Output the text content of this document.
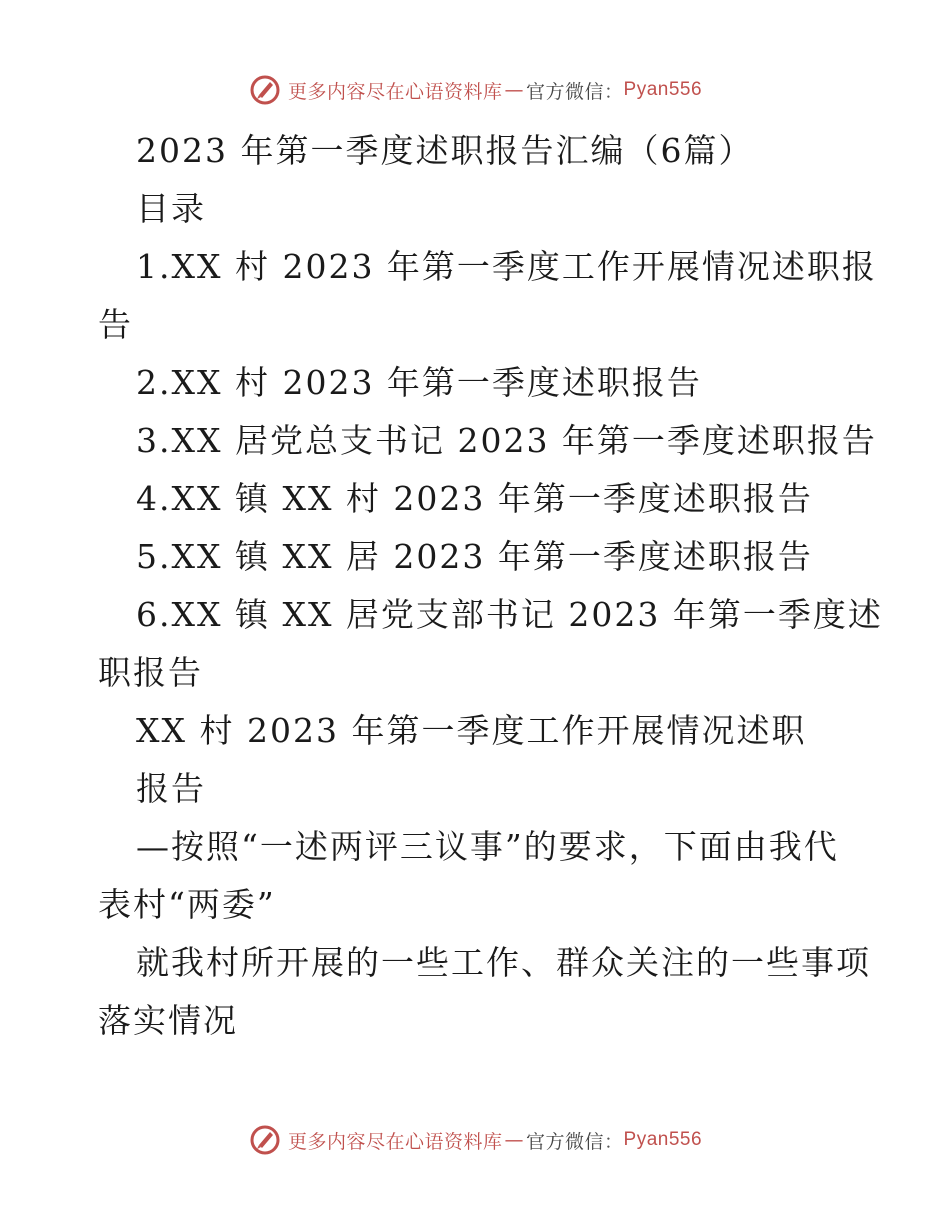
更多内容尽在心语资料库 — 官方微信 ： Pyan556
2023 年第一季度述职报告汇编（6篇）
目录
1.XX 村 2023 年第一季度工作开展情况述职报
告
2.XX 村 2023 年第一季度述职报告
3.XX 居党总支书记 2023 年第一季度述职报告
4.XX 镇 XX 村 2023 年第一季度述职报告
5.XX 镇 XX 居 2023 年第一季度述职报告
6.XX 镇 XX 居党支部书记 2023 年第一季度述
职报告
XX 村 2023 年第一季度工作开展情况述职
报告
—按照“一述两评三议事”的要求，下面由我代
表村“两委”
就我村所开展的一些工作、群众关注的一些事项
落实情况
更多内容尽在心语资料库 — 官方微信 ： Pyan556
